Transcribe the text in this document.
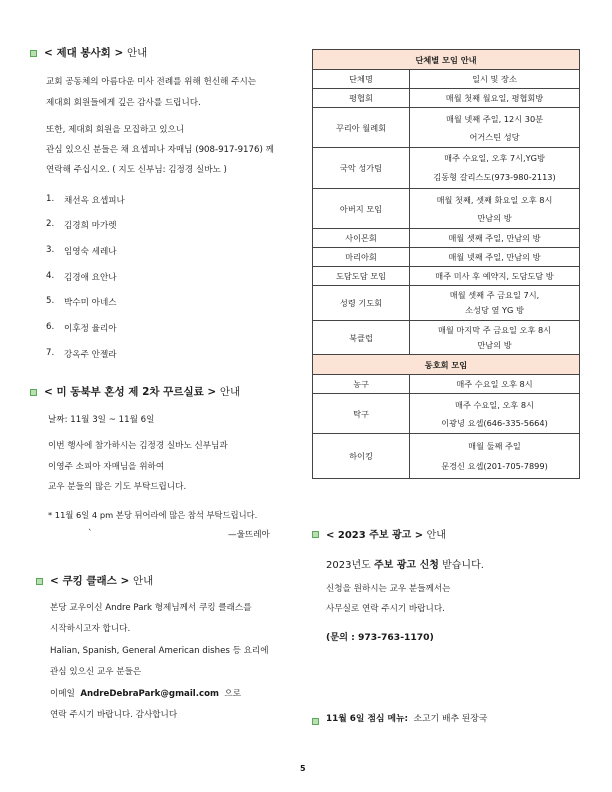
< 제대 봉사회 > 안내
교회 공동체의 아름다운 미사 전례를 위해 헌신해 주시는
제대회 회원들에게 깊은 감사를 드립니다.
또한, 제대회 회원을 모집하고 있으니
관심 있으신 분들은 채 요셉피나 자매님 (908-917-9176) 께
연락해 주십시오. ( 지도 신부님: 김정경 실바노 )
1. 채선옥 요셉피나
2. 김경희 마가렛
3. 임영숙 세레나
4. 김경애 요안나
5. 박수미 아네스
6. 이후정 율리아
7. 강옥주 안젤라
< 미 동북부 혼성 제 2차 꾸르실료 > 안내
날짜: 11월 3일 ~ 11월 6일
이번 행사에 참가하시는 김정경 실바노 신부님과
이영주 소피아 자매님을 위하여
교우 분들의 많은 기도 부탁드립니다.
* 11월 6일 4 pm 본당 뒤어라에 많은 참석 부탁드립니다.
`	—울뜨레아
< 쿠킹 클래스 > 안내
본당 교우이신 Andre Park 형제님께서 쿠킹 클래스를
시작하시고자 합니다.
Halian, Spanish, General American dishes 등 요리에
관심 있으신 교우 분들은
이메일 AndreDebraPark@gmail.com 으로
연락 주시기 바랍니다. 감사합니다
단체별 모임 안내	
단체명	일시 및 장소
평협회	매월 첫째 월요일, 평협회방
꾸리아 월례회	매월 넷째 주일, 12시 30분
어거스틴 성당

국악 성가팀	매주 수요일, 오후 7시,YG방
김동형 갈리스도(973-980-2113)

아버지 모임	매월 첫째, 셋째 화요일 오후 8시
만남의 방

사이몬회	매월 셋째 주일, 만남의 방
마리아회	매월 넷째 주일, 만남의 방
도담도담 모임	매주 미사 후 예약지, 도담도담 방
성령 기도회	매월 셋째 주 금요일 7시,
소성당 옆 YG 방

북클럽	매월 마지막 주 금요일 오후 8시
만남의 방

동호회 모임	
농구	매주 수요일 오후 8시
탁구	매주 수요일, 오후 8시
이광녕 요셉(646-335-5664)

하이킹	매월 둘째 주일
문경신 요셉(201-705-7899)
< 2023 주보 광고 > 안내
2023년도 주보 광고 신청 받습니다.
신청을 원하시는 교우 분들께서는
사무실로 연락 주시기 바랍니다.
(문의 : 973-763-1170)
11월 6일 점심 메뉴: 소고기 배추 된장국
5
